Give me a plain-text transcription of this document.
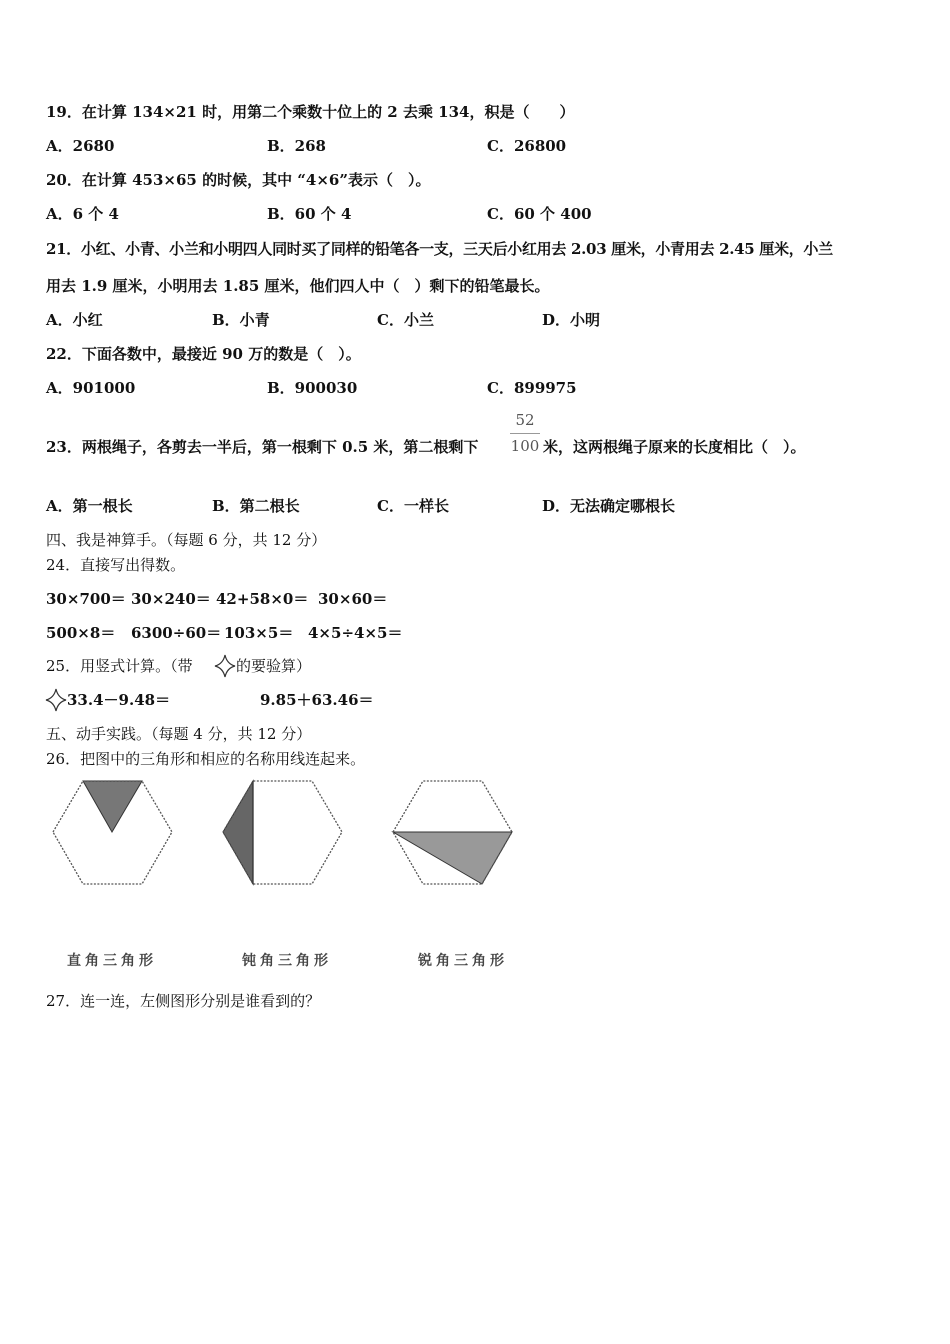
19．在计算 134×21 时，用第二个乘数十位上的 2 去乘 134，积是（　　）
A．2680	B．268	C．26800
20．在计算 453×65 的时候，其中 “4×6”表示（　）。
A．6 个 4	B．60 个 4	C．60 个 400
21．小红、小青、小兰和小明四人同时买了同样的铅笔各一支，三天后小红用去 2.03 厘米，小青用去 2.45 厘米，小兰
用去 1.9 厘米，小明用去 1.85 厘米，他们四人中（　）剩下的铅笔最长。
A．小红	B．小青	C．小兰	D．小明
22．下面各数中，最接近 90 万的数是（　）。
A．901000	B．900030	C．899975
23．两根绳子，各剪去一半后，第一根剩下 0.5 米，第二根剩下
52
100 米，这两根绳子原来的长度相比（　）。
A．第一根长	B．第二根长	C．一样长	D．无法确定哪根长
四、我是神算手。（每题 6 分，共 12 分）
24．直接写出得数。
30×700＝ 30×240＝ 42+58×0＝ 30×60＝
500×8＝ 6300÷60＝ 103×5＝ 4×5÷4×5＝
25．用竖式计算。（带	的要验算）
33.4－9.48＝	9.85＋63.46＝
五、动手实践。（每题 4 分，共 12 分）
26．把图中的三角形和相应的名称用线连起来。
直角三角形	钝角三角形	锐角三角形
27．连一连，左侧图形分别是谁看到的？
